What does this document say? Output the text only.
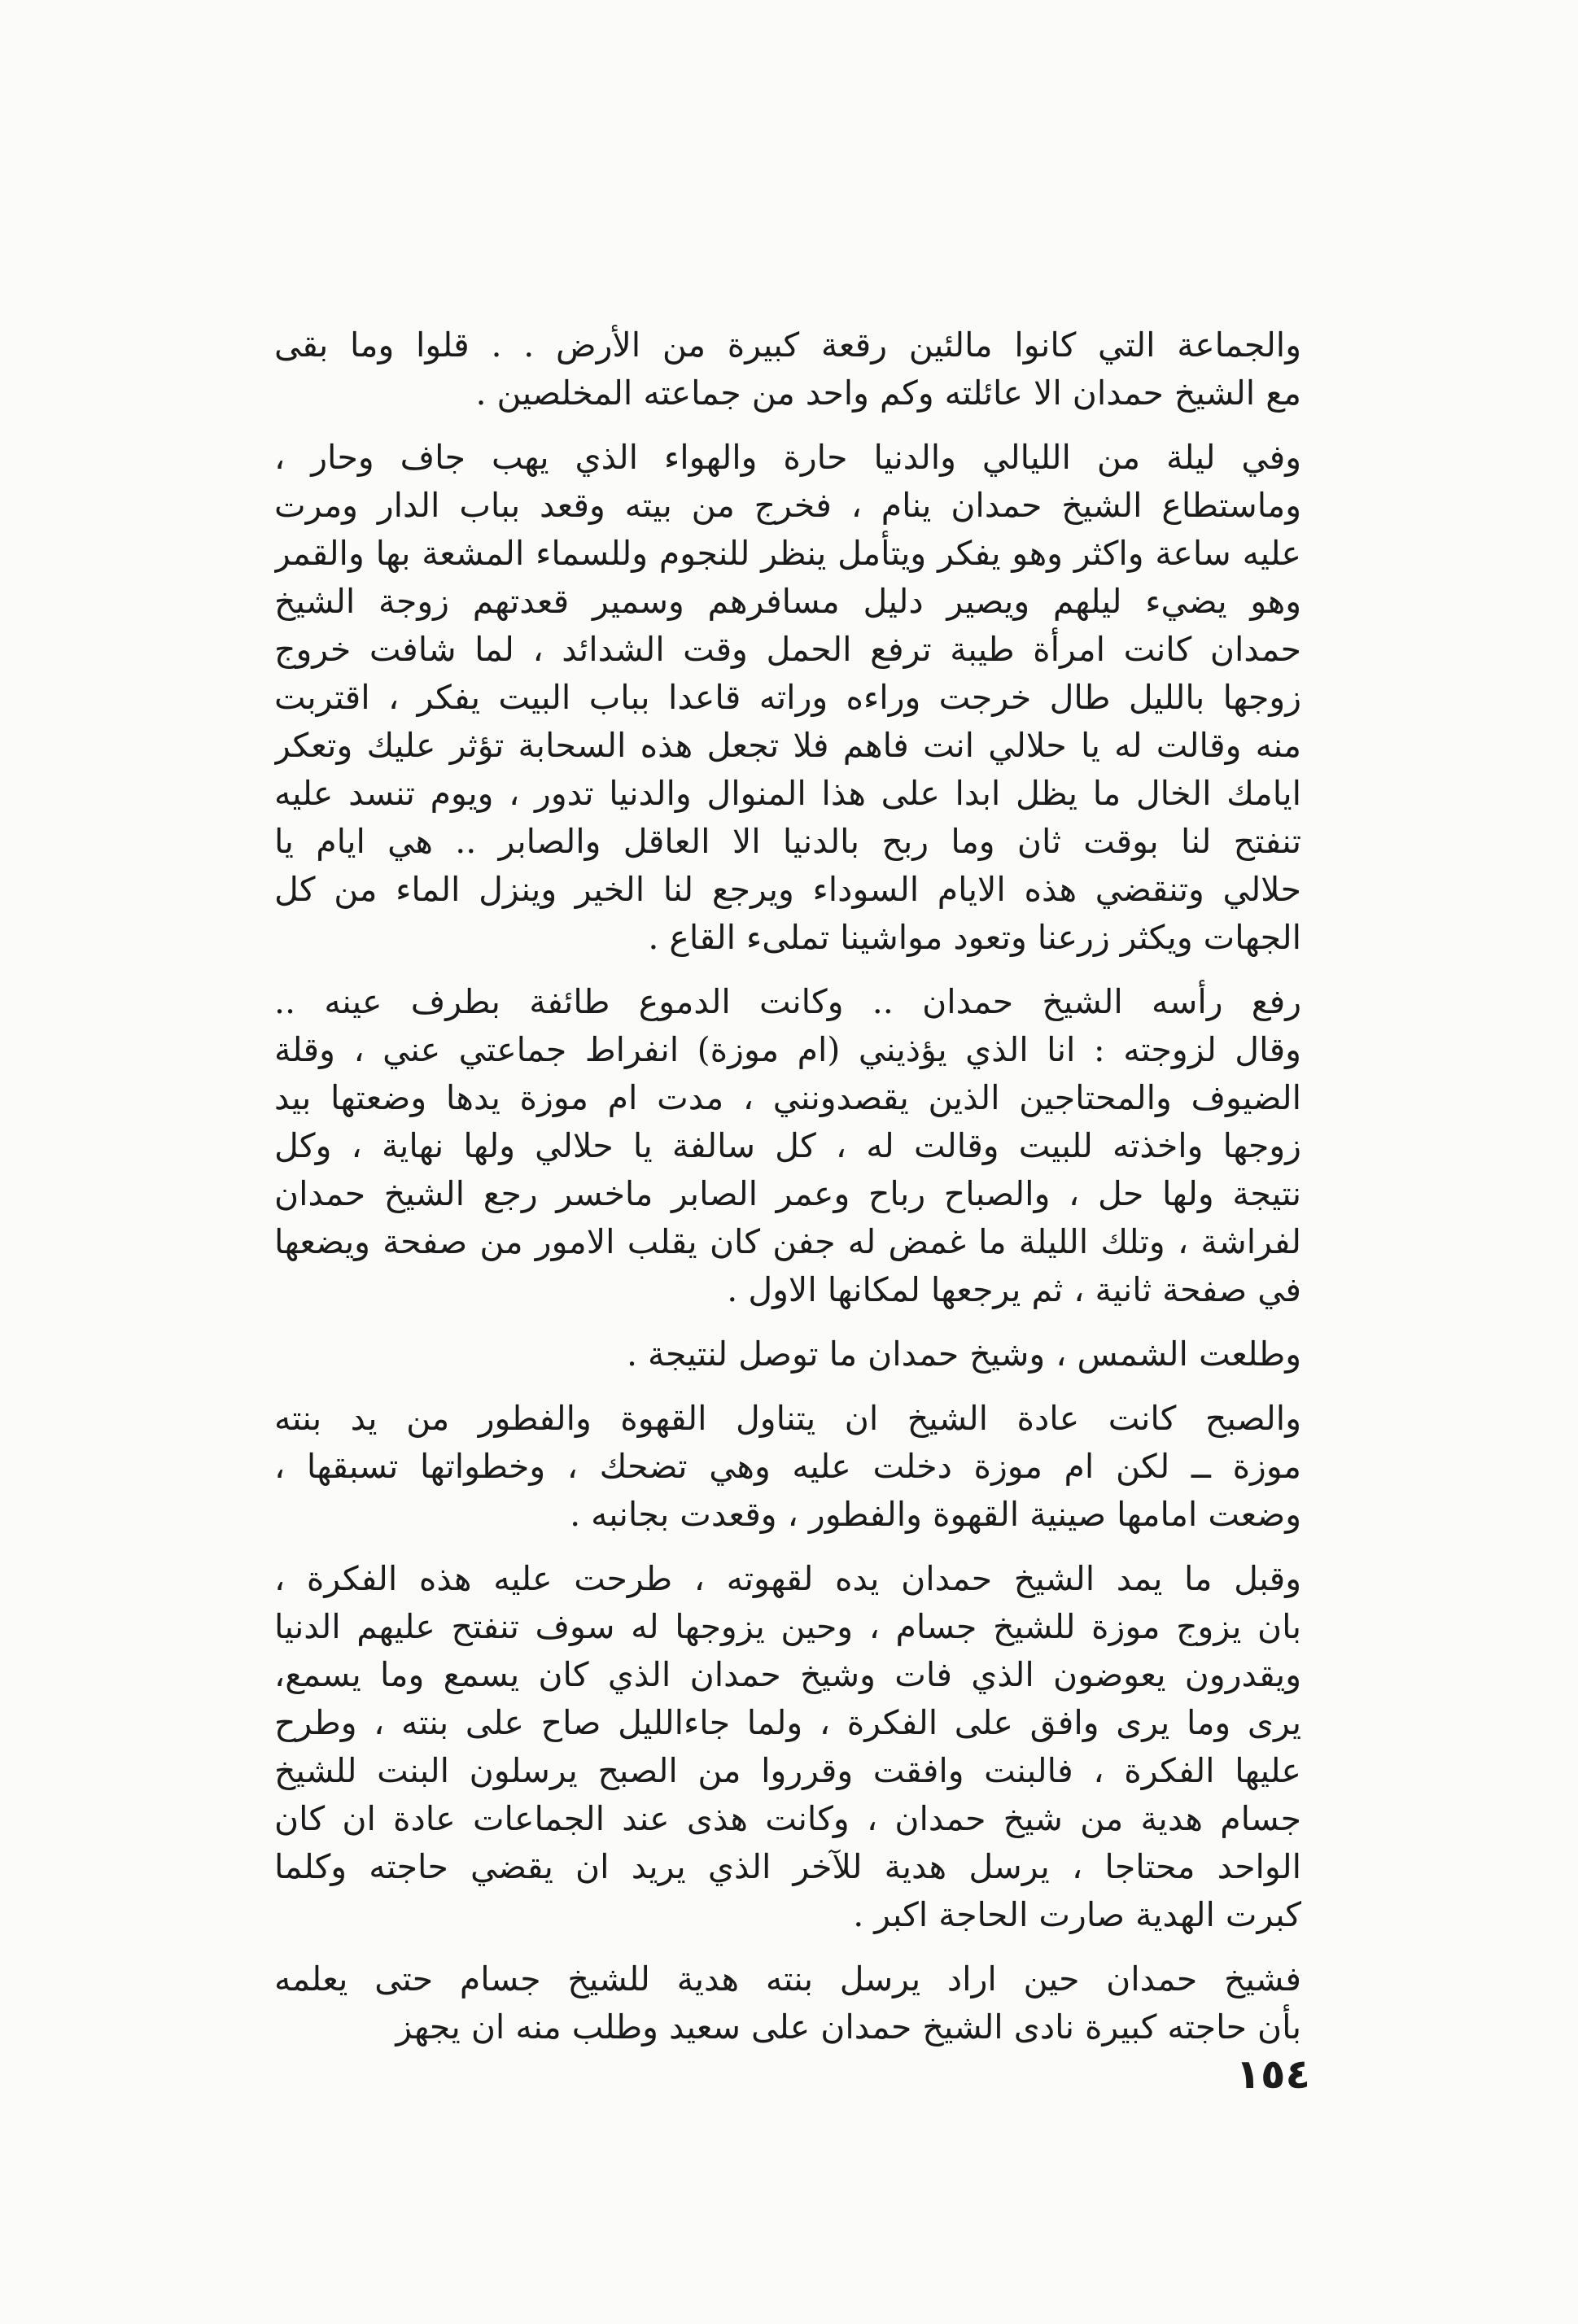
والجماعة التي كانوا مالئين رقعة كبيرة من الأرض . . قلوا وما بقى
مع الشيخ حمدان الا عائلته وكم واحد من جماعته المخلصين .
وفي ليلة من الليالي والدنيا حارة والهواء الذي يهب جاف وحار ،
وماستطاع الشيخ حمدان ينام ، فخرج من بيته وقعد بباب الدار ومرت
عليه ساعة واكثر وهو يفكر ويتأمل ينظر للنجوم وللسماء المشعة بها والقمر
وهو يضيء ليلهم ويصير دليل مسافرهم وسمير قعدتهم زوجة الشيخ
حمدان كانت امرأة طيبة ترفع الحمل وقت الشدائد ، لما شافت خروج
زوجها بالليل طال خرجت وراءه وراته قاعدا بباب البيت يفكر ، اقتربت
منه وقالت له يا حلالي انت فاهم فلا تجعل هذه السحابة تؤثر عليك وتعكر
ايامك الخال ما يظل ابدا على هذا المنوال والدنيا تدور ، ويوم تنسد عليه
تنفتح لنا بوقت ثان وما ربح بالدنيا الا العاقل والصابر .. هي ايام يا
حلالي وتنقضي هذه الايام السوداء ويرجع لنا الخير وينزل الماء من كل
الجهات ويكثر زرعنا وتعود مواشينا تملىء القاع .
رفع رأسه الشيخ حمدان .. وكانت الدموع طائفة بطرف عينه ..
وقال لزوجته : انا الذي يؤذيني (ام موزة) انفراط جماعتي عني ، وقلة
الضيوف والمحتاجين الذين يقصدونني ، مدت ام موزة يدها وضعتها بيد
زوجها واخذته للبيت وقالت له ، كل سالفة يا حلالي ولها نهاية ، وكل
نتيجة ولها حل ، والصباح رباح وعمر الصابر ماخسر رجع الشيخ حمدان
لفراشة ، وتلك الليلة ما غمض له جفن كان يقلب الامور من صفحة ويضعها
في صفحة ثانية ، ثم يرجعها لمكانها الاول .
وطلعت الشمس ، وشيخ حمدان ما توصل لنتيجة .
والصبح كانت عادة الشيخ ان يتناول القهوة والفطور من يد بنته
موزة ــ لكن ام موزة دخلت عليه وهي تضحك ، وخطواتها تسبقها ،
وضعت امامها صينية القهوة والفطور ، وقعدت بجانبه .
وقبل ما يمد الشيخ حمدان يده لقهوته ، طرحت عليه هذه الفكرة ،
بان يزوج موزة للشيخ جسام ، وحين يزوجها له سوف تنفتح عليهم الدنيا
ويقدرون يعوضون الذي فات وشيخ حمدان الذي كان يسمع وما يسمع،
يرى وما يرى وافق على الفكرة ، ولما جاءالليل صاح على بنته ، وطرح
عليها الفكرة ، فالبنت وافقت وقرروا من الصبح يرسلون البنت للشيخ
جسام هدية من شيخ حمدان ، وكانت هذى عند الجماعات عادة ان كان
الواحد محتاجا ، يرسل هدية للآخر الذي يريد ان يقضي حاجته وكلما
كبرت الهدية صارت الحاجة اكبر .
فشيخ حمدان حين اراد يرسل بنته هدية للشيخ جسام حتى يعلمه
بأن حاجته كبيرة نادى الشيخ حمدان على سعيد وطلب منه ان يجهز
١٥٤
